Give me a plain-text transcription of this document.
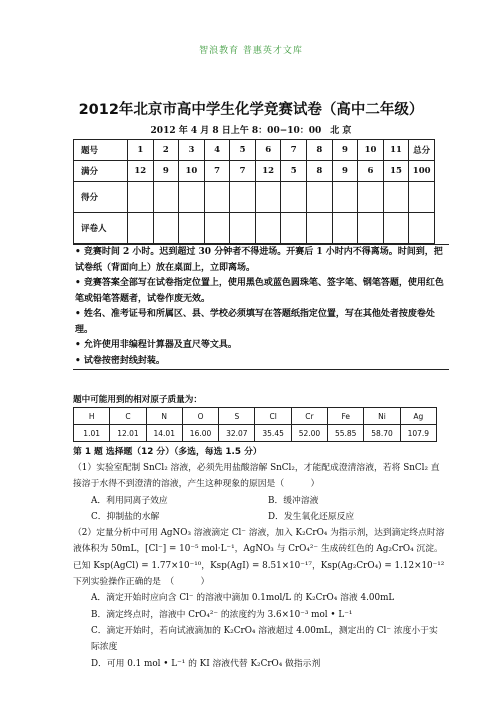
智浪教育 普惠英才文库
2012年北京市高中学生化学竞赛试卷（高中二年级）
2012 年 4 月 8 日上午 8：00−10：00　北 京
题号	1	2	3	4	5	6	7	8	9	10	11	总分
满分	12	9	10	7	7	12	5	8	9	6	15	100
得分												
评卷人												

• 竞赛时间 2 小时。迟到超过 30 分钟者不得进场。开赛后 1 小时内不得离场。时间到，把试卷纸（背面向上）放在桌面上，立即离场。

• 竞赛答案全部写在试卷指定位置上，使用黑色或蓝色圆珠笔、签字笔、钢笔答题，使用红色笔或铅笔答题者，试卷作废无效。

• 姓名、准考证号和所属区、县、学校必须填写在答题纸指定位置，写在其他处者按废卷处理。

• 允许使用非编程计算器及直尺等文具。

• 试卷按密封线封装。

题中可能用到的相对原子质量为：
H	C	N	O	S	Cl	Cr	Fe	Ni	Ag
1.01	12.01	14.01	16.00	32.07	35.45	52.00	55.85	58.70	107.9
第 1 题 选择题（12 分）（多选，每选 1.5 分）

（1）实验室配制 SnCl₂ 溶液，必须先用盐酸溶解 SnCl₂，才能配成澄清溶液，若将 SnCl₂ 直接溶于水得不到澄清的溶液，产生这种现象的原因是（　　　）

A．利用同离子效应	B．缓冲溶液
C．抑制盐的水解	D．发生氧化还原反应

（2）定量分析中可用 AgNO₃ 溶液滴定 Cl⁻ 溶液，加入 K₂CrO₄ 为指示剂，达到滴定终点时溶液体积为 50mL，[Cl⁻] = 10⁻⁵ mol·L⁻¹，AgNO₃ 与 CrO₄²⁻ 生成砖红色的 Ag₂CrO₄ 沉淀。已知 Ksp(AgCl) = 1.77×10⁻¹⁰，Ksp(AgI) = 8.51×10⁻¹⁷，Ksp(Ag₂CrO₄) = 1.12×10⁻¹² 下列实验操作正确的是　（　　　）

A．滴定开始时应向含 Cl⁻ 的溶液中滴加 0.1mol/L 的 K₂CrO₄ 溶液 4.00mL

B．滴定终点时，溶液中 CrO₄²⁻ 的浓度约为 3.6×10⁻³ mol • L⁻¹

C．滴定开始时，若向试液滴加的 K₂CrO₄ 溶液超过 4.00mL，测定出的 Cl⁻ 浓度小于实际浓度

D．可用 0.1 mol • L⁻¹ 的 KI 溶液代替 K₂CrO₄ 做指示剂
